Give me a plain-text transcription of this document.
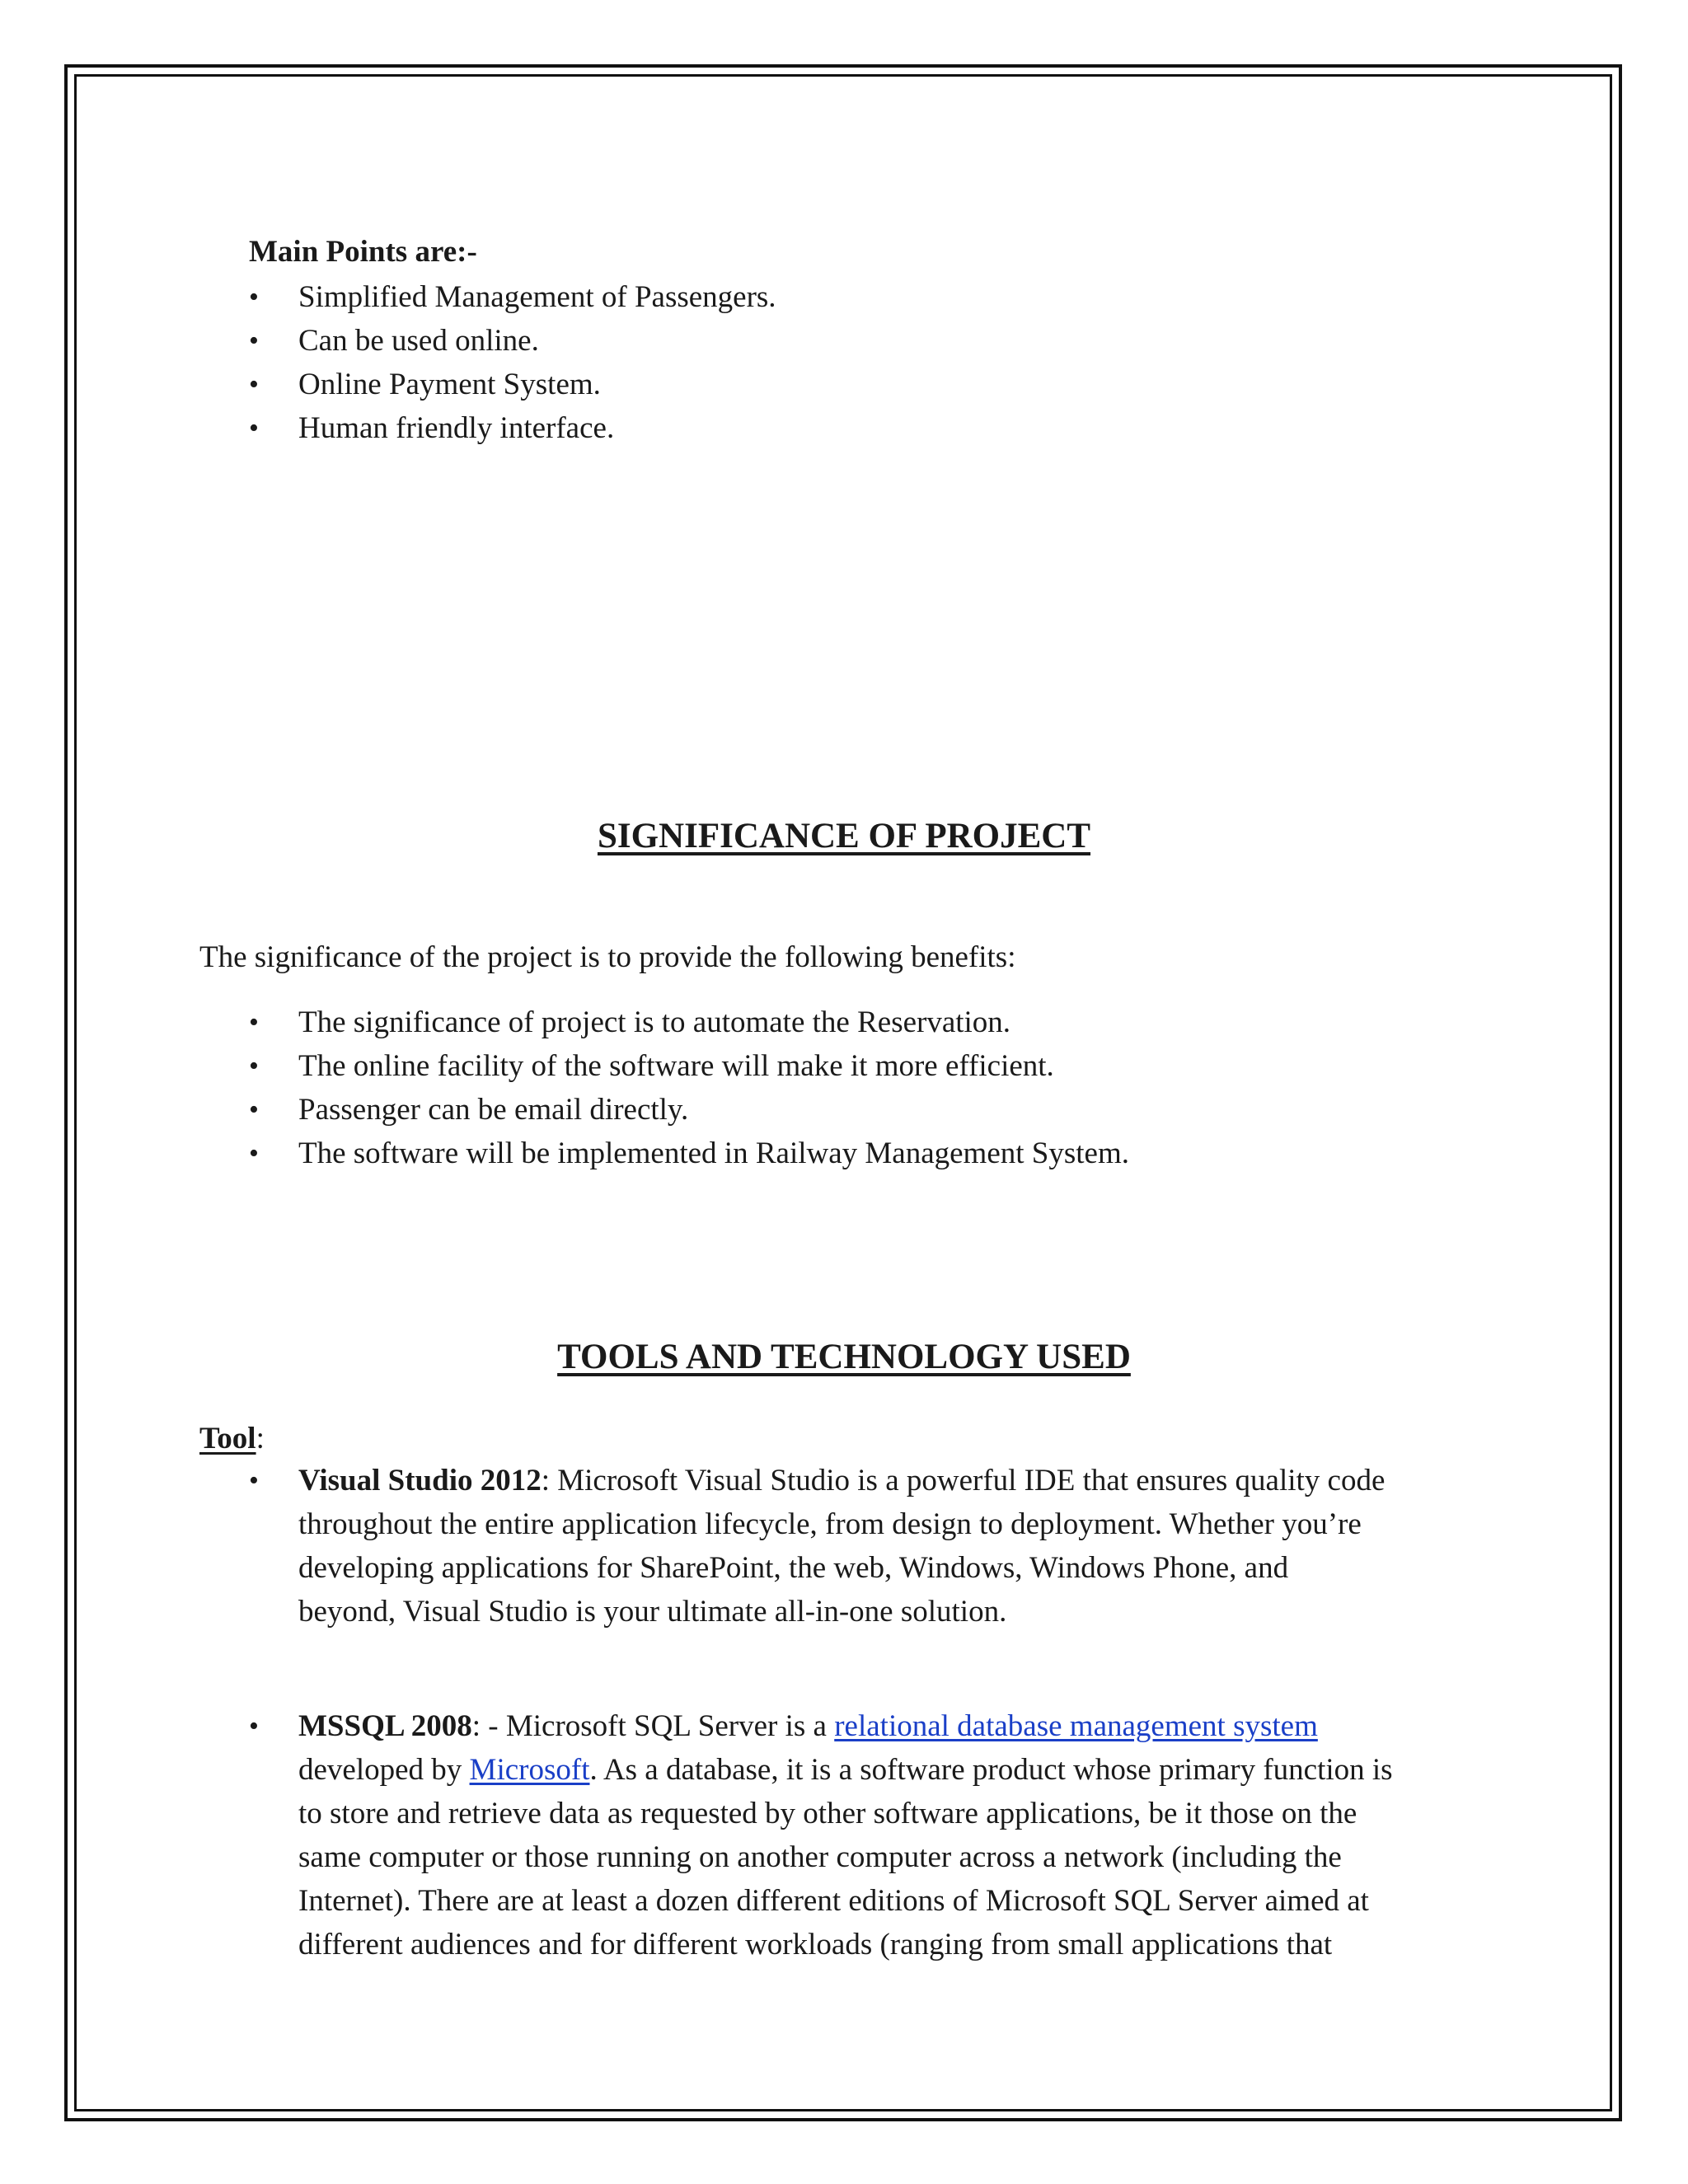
Main Points are:-
•	Simplified Management of Passengers.
•	Can be used online.
•	Online Payment System.
•	Human friendly interface.
SIGNIFICANCE OF PROJECT
The significance of the project is to provide the following benefits:
•	The significance of project is to automate the Reservation.
•	The online facility of the software will make it more efficient.
•	Passenger can be email directly.
•	The software will be implemented in Railway Management System.
TOOLS AND TECHNOLOGY USED
Tool:
• Visual Studio 2012: Microsoft Visual Studio is a powerful IDE that ensures quality code
throughout the entire application lifecycle, from design to deployment. Whether you’re
developing applications for SharePoint, the web, Windows, Windows Phone, and
beyond, Visual Studio is your ultimate all-in-one solution.
• MSSQL 2008: - Microsoft SQL Server is a relational database management system
developed by Microsoft. As a database, it is a software product whose primary function is
to store and retrieve data as requested by other software applications, be it those on the
same computer or those running on another computer across a network (including the
Internet). There are at least a dozen different editions of Microsoft SQL Server aimed at
different audiences and for different workloads (ranging from small applications that
